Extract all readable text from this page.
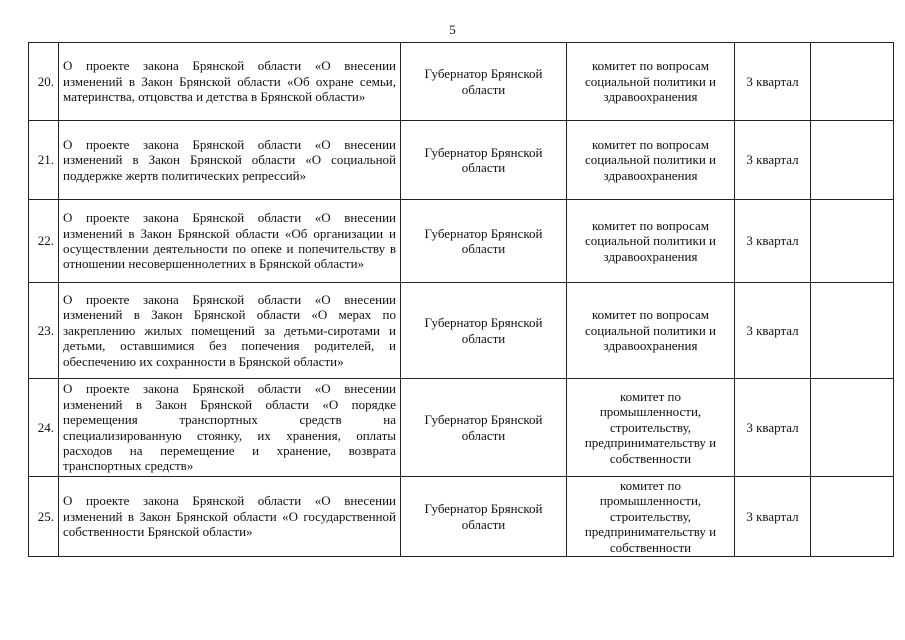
5
20.	О проекте закона Брянской области «О внесении изменений в Закон Брянской области «Об охране семьи, материнства, отцовства и детства в Брянской области»	Губернатор Брянской области	комитет по вопросам социальной политики и здравоохранения	3 квартал	
21.	О проекте закона Брянской области «О внесении изменений в Закон Брянской области «О социальной поддержке жертв политических репрессий»	Губернатор Брянской области	комитет по вопросам социальной политики и здравоохранения	3 квартал	
22.	О проекте закона Брянской области «О внесении изменений в Закон Брянской области «Об организации и осуществлении деятельности по опеке и попечительству в отношении несовершеннолетних в Брянской области»	Губернатор Брянской области	комитет по вопросам социальной политики и здравоохранения	3 квартал	
23.	О проекте закона Брянской области «О внесении изменений в Закон Брянской области «О мерах по закреплению жилых помещений за детьми-сиротами и детьми, оставшимися без попечения родителей, и обеспечению их сохранности в Брянской области»	Губернатор Брянской области	комитет по вопросам социальной политики и здравоохранения	3 квартал	
24.	О проекте закона Брянской области «О внесении изменений в Закон Брянской области «О порядке перемещения транспортных средств на специализированную стоянку, их хранения, оплаты расходов на перемещение и хранение, возврата транспортных средств»	Губернатор Брянской области	комитет по промышленности, строительству, предпринимательству и собственности	3 квартал	
25.	О проекте закона Брянской области «О внесении изменений в Закон Брянской области «О государственной собственности Брянской области»	Губернатор Брянской области	комитет по промышленности, строительству, предпринимательству и собственности	3 квартал	
